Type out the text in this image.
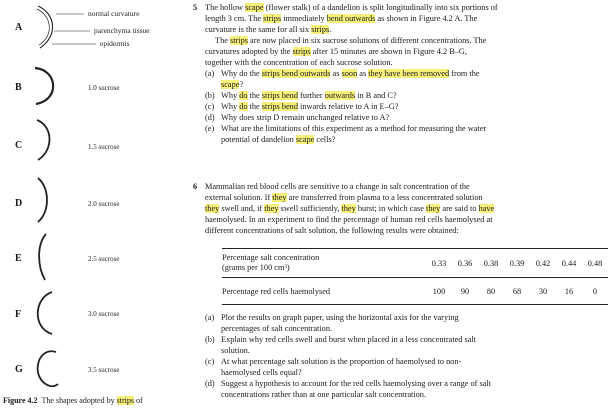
normal curvature
parenchyma tissue
epidermis
A
B	1.0 sucrose
C	1.5 sucrose
D	2.0 sucrose
E	2.5 sucrose
F	3.0 sucrose
G	3.5 sucrose
Figure 4.2 The shapes adopted by strips of
5 The hollow scape (flower stalk) of a dandelion is split longitudinally into six portions of

length 3 cm. The strips immediately bend outwards as shown in Figure 4.2 A. The

curvature is the same for all six strips.

The strips are now placed in six sucrose solutions of different concentrations. The

curvatures adopted by the strips after 15 minutes are shown in Figure 4.2 B–G,

together with the concentration of each sucrose solution.

(a) Why do the strips bend outwards as soon as they have been removed from the
scape?
(b) Why do the strips bend further outwards in B and C?
(c) Why do the strips bend inwards relative to A in E–G?
(d) Why does strip D remain unchanged relative to A?
(e) What are the limitations of this experiment as a method for measuring the water
potential of dandelion scape cells?
6 Mammalian red blood cells are sensitive to a change in salt concentration of the

external solution. If they are transferred from plasma to a less concentrated solution

they swell and, if they swell sufficiently, they burst; in which case they are said to have

haemolysed. In an experiment to find the percentage of human red cells haemolysed at

different concentrations of salt solution, the following results were obtained:

Percentage salt concentration
(grams per 100 cm³)	0.33	0.36	0.38	0.39	0.42	0.44	0.48
Percentage red cells haemolysed	100	90	80	68	30	16	0
(a) Plot the results on graph paper, using the horizontal axis for the varying
percentages of salt concentration.
(b) Explain why red cells swell and burst when placed in a less concentrated salt
solution.
(c) At what percentage salt solution is the proportion of haemolysed to non-
haemolysed cells equal?
(d) Suggest a hypothesis to account for the red cells haemolysing over a range of salt
concentrations rather than at one particular salt concentration.
